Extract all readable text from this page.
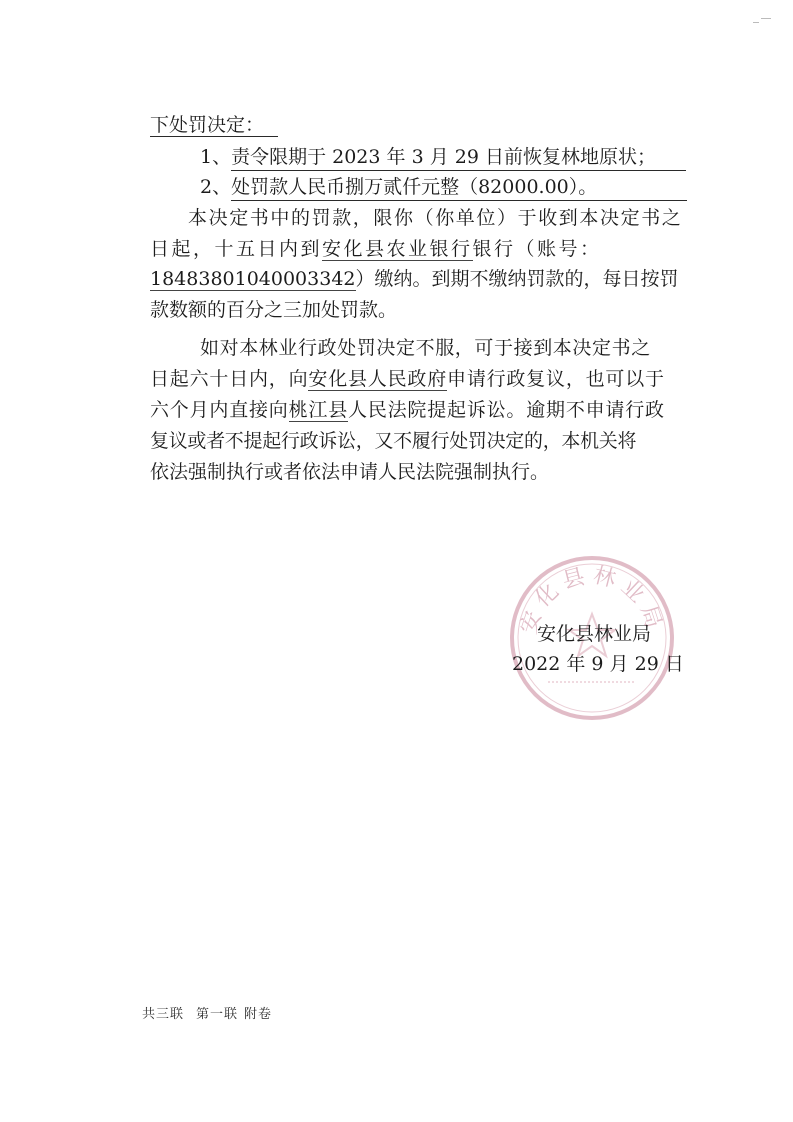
下处罚决定：
1、责令限期于 2023 年 3 月 29 日前恢复林地原状；
2、处罚款人民币捌万贰仟元整（82000.00）。
本决定书中的罚款，限你（你单位）于收到本决定书之
日起，十五日内到安化县农业银行银行（账号：
18483801040003342）缴纳。到期不缴纳罚款的，每日按罚
款数额的百分之三加处罚款。
如对本林业行政处罚决定不服，可于接到本决定书之
日起六十日内，向安化县人民政府申请行政复议，也可以于
六个月内直接向桃江县人民法院提起诉讼。逾期不申请行政
复议或者不提起行政诉讼，又不履行处罚决定的，本机关将
依法强制执行或者依法申请人民法院强制执行。
安化县林业局
安化县林业局
2022 年 9 月 29 日
共三联 第一联 附卷
